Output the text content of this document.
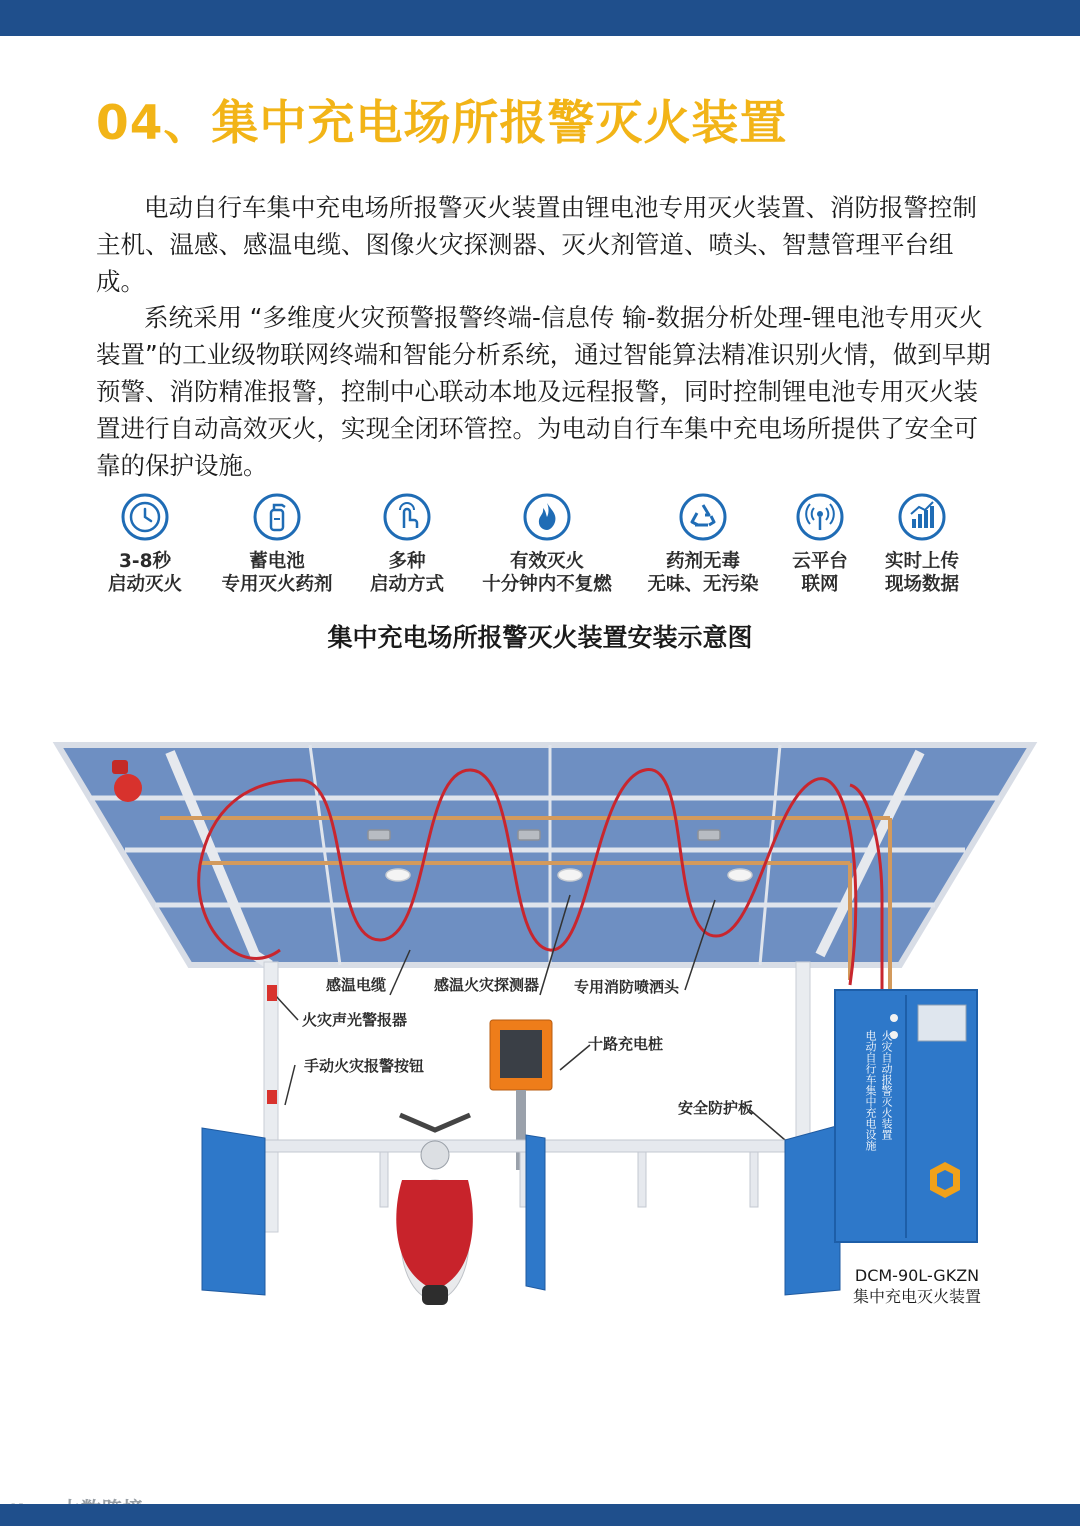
04、集中充电场所报警灭火装置

电动自行车集中充电场所报警灭火装置由锂电池专用灭火装置、消防报警控制主机、温感、感温电缆、图像火灾探测器、灭火剂管道、喷头、智慧管理平台组成。

系统采用 “多维度火灾预警报警终端-信息传 输-数据分析处理-锂电池专用灭火装置”的工业级物联网终端和智能分析系统，通过智能算法精准识别火情，做到早期预警、消防精准报警，控制中心联动本地及远程报警，同时控制锂电池专用灭火装置进行自动高效灭火，实现全闭环管控。为电动自行车集中充电场所提供了安全可靠的保护设施。

3-8秒
启动灭火
蓄电池
专用灭火药剂
多种
启动方式
有效灭火
十分钟内不复燃
药剂无毒
无味、无污染
云平台
联网
实时上传
现场数据
集中充电场所报警灭火装置安装示意图
感温电缆	感温火灾探测器 专用消防喷洒头
火灾声光警报器
手动火灾报警按钮
十路充电桩
安全防护板	火灾自动报警灭火装置
电动自行车集中充电设施
DCM-90L-GKZN
集中充电灭火装置
